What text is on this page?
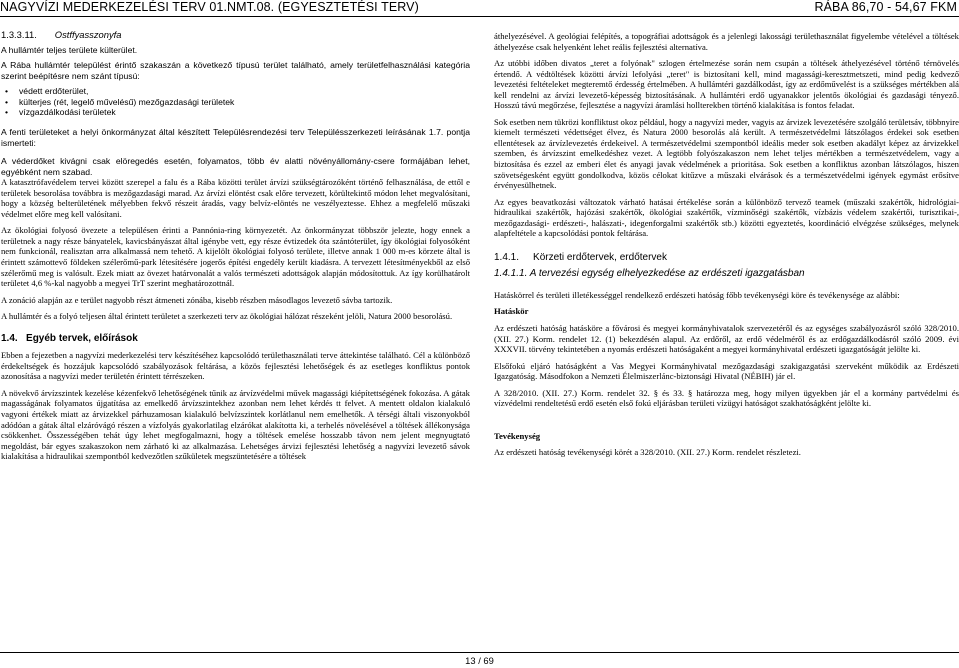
NAGYVÍZI MEDERKEZELÉSI TERV 01.NMT.08. (EGYESZTETÉSI TERV)	RÁBA 86,70 - 54,67 FKM
1.3.3.11. Ostffyasszonyfa

A hullámtér teljes területe külterület.

A Rába hullámtér települést érintő szakaszán a következő típusú terület található, amely területfelhasználási kategória szerint beépítésre nem szánt típusú:

• védett erdőterület,
• külterjes (rét, legelő művelésű) mezőgazdasági területek
• vízgazdálkodási területek

A fenti területeket a helyi önkormányzat által készített Településrendezési terv Településszerkezeti leírásának 1.7. pontja ismerteti:

A véderdőket kivágni csak elöregedés esetén, folyamatos, több év alatti növényállomány-csere formájában lehet, egyébként nem szabad.

A katasztrófavédelem tervei között szerepel a falu és a Rába közötti terület árvízi szükségtározóként történő felhasználása, de ettől e területek besorolása továbbra is mezőgazdasági marad. Az árvízi elöntést csak előre tervezett, körültekintő módon lehet megvalósítani, hogy a község belterületének mélyebben fekvő részeit áradás, vagy belvíz-elöntés ne veszélyeztesse. Ehhez a megfelelő műszaki védelmet előre meg kell valósítani.

Az ökológiai folyosó övezete a településen érinti a Pannónia-ring környezetét. Az önkormányzat többször jelezte, hogy ennek a területnek a nagy része bányatelek, kavicsbányászat által igénybe vett, egy része évtizedek óta szántóterület, így ökológiai folyosóként nem funkcionál, realisztan arra alkalmassá nem tehető. A kijelölt ökológiai folyosó területe, illetve annak 1 000 m-es körzete által is érintett számottevő földeken szélerőmű-park létesítésére jogerős építési engedély került kiadásra. A tervezett létesítményekből az első szélerőmű meg is valósult. Ezek miatt az övezet határvonalát a valós természeti adottságok alapján módosítottuk. Az így korülhatárolt területet 4,6 %-kal nagyobb a megyei TrT szerint meghatározottnál.

A zonáció alapján az e terület nagyobb részt átmeneti zónába, kisebb részben másodlagos levezető sávba tartozik.

A hullámtér és a folyó teljesen által érintett területet a szerkezeti terv az ökológiai hálózat részeként jelöli, Natura 2000 besorolású.

1.4. Egyéb tervek, előírások

Ebben a fejezetben a nagyvízi mederkezelési terv készítéséhez kapcsolódó területhasználati terve áttekintése található. Cél a különböző érdekeltségek és hozzájuk kapcsolódó szabályozások feltárása, a közös fejlesztési lehetőségek és az esetleges konfliktus pontok azonosítása a nagyvízi meder területén érintett térrészeken.

A növekvő árvízszintek kezelése kézenfekvő lehetőségének tűnik az árvízvédelmi művek magassági kiépítettségének fokozása. A gátak magasságának folyamatos újgatítása az emelkedő árvízszintekhez azonban nem lehet kérdés tt felvet. A mentett oldalon kialakuló vagyoni értékek miatt az árvizekkel párhuzamosan kialakuló belvízszintek korlátlanul nem emelhetők. A térségi általi viszonyokból adódóan a gátak által elzáróvágó részen a vízfolyás gyakorlatilag elzárókat alakította ki, a terhelés növelésével a töltések állékonysága csökkenhet. Összességében tehát úgy lehet megfogalmazni, hogy a töltések emelése hosszabb távon nem jelent megnyugtató megoldást, bár egyes szakaszokon nem zárható ki az alkalmazása. Lehetséges árvizi fejlesztési lehetőség a nagyvízi levezető sávok kialakítása a hidraulikai szempontból kedvezőtlen szűkületek megszüntetésére a töltések

áthelyezésével. A geológiai felépítés, a topográfiai adottságok és a jelenlegi lakossági területhasználat figyelembe vételével a töltések áthelyezése csak helyenként lehet reális fejlesztési alternatíva.

Az utóbbi időben divatos „teret a folyónak" szlogen értelmezése során nem csupán a töltések áthelyezésével történő térnövelés értendő. A védtöltések közötti árvízi lefolyási „teret" is biztosítani kell, mind magassági-keresztmetszeti, mind pedig kedvező levezetési feltételeket megteremtő érdesség értelmében. A hullámtéri gazdálkodást, így az erdőművelést is a szükséges mértékben alá kell rendelni az árvízi levezető-képesség biztosításának. A hullámtéri erdő ugyanakkor jelentős ökológiai és gazdasági tényező. Hosszú távú megőrzése, fejlesztése a nagyvízi áramlási hollterekben történő kialakítása is fontos feladat.

Sok esetben nem tükrözi konfliktust okoz például, hogy a nagyvízi meder, vagyis az árvizek levezetésére szolgáló területsáv, többnyire kiemelt természeti védettséget élvez, és Natura 2000 besorolás alá került. A természetvédelmi látszólagos érdekei sok esetben ellentétesek az árvízlevezetés érdekeivel. A természetvédelmi szempontból ideális meder sok esetben akadályt képez az árvizekkel szemben, és árvízszint emelkedéshez vezet. A legtöbb folyószakaszon nem lehet teljes mértékben a természetvédelem, vagy a biztosítása és ezzel az emberi élet és anyagi javak védelmének a prioritása. Sok esetben a konfliktus azonban látszólagos, hiszen szövetségesként együtt gondolkodva, közös célokat kitűzve a műszaki elvárások és a természetvédelmi igények egymást erősítve érvényesülhetnek.

Az egyes beavatkozási változatok várható hatásai értékelése során a különböző tervező teamek (műszaki szakértők, hidrológiai-hidraulikai szakértők, hajózási szakértők, ökológiai szakértők, vízminőségi szakértők, vízbázis védelem szakértői, turisztikai-, mezőgazdasági- erdészeti-, halászati-, idegenforgalmi szakértők stb.) közötti egyeztetés, koordináció elvégzése szükséges, melynek alapfeltétele a kapcsolódási pontok feltárása.

1.4.1. Körzeti erdőtervek, erdőtervek
1.4.1.1. A tervezési egység elhelyezkedése az erdészeti igazgatásban

Hatáskörrel és területi illetékességgel rendelkező erdészeti hatóság főbb tevékenységi köre és tevékenysége az alábbi:

Hatáskör

Az erdészeti hatóság hatásköre a fővárosi és megyei kormányhivatalok szervezetéről és az egységes szabályozásról szóló 328/2010. (XII. 27.) Korm. rendelet 12. (1) bekezdésén alapul. Az erdőről, az erdő védelméről és az erdőgazdálkodásról szóló 2009. évi XXXVII. törvény tekintetében a nyomás erdészeti hatóságaként a megyei kormányhivatal erdészeti igazgatóságát jelölte ki.

Elsőfokú eljáró hatóságként a Vas Megyei Kormányhivatal mezőgazdasági szakigazgatási szerveként működik az Erdészeti Igazgatóság. Másodfokon a Nemzeti Élelmiszerlánc-biztonsági Hivatal (NÉBIH) jár el.

A 328/2010. (XII. 27.) Korm. rendelet 32. § és 33. § határozza meg, hogy milyen ügyekben jár el a kormány partvédelmi és vízvédelmi rendeltetésű erdő esetén első fokú eljárásban területi vízügyi hatóságot szakhatóságként jelölte ki.

Tevékenység

Az erdészeti hatóság tevékenységi körét a 328/2010. (XII. 27.) Korm. rendelet részletezi.

13 / 69
